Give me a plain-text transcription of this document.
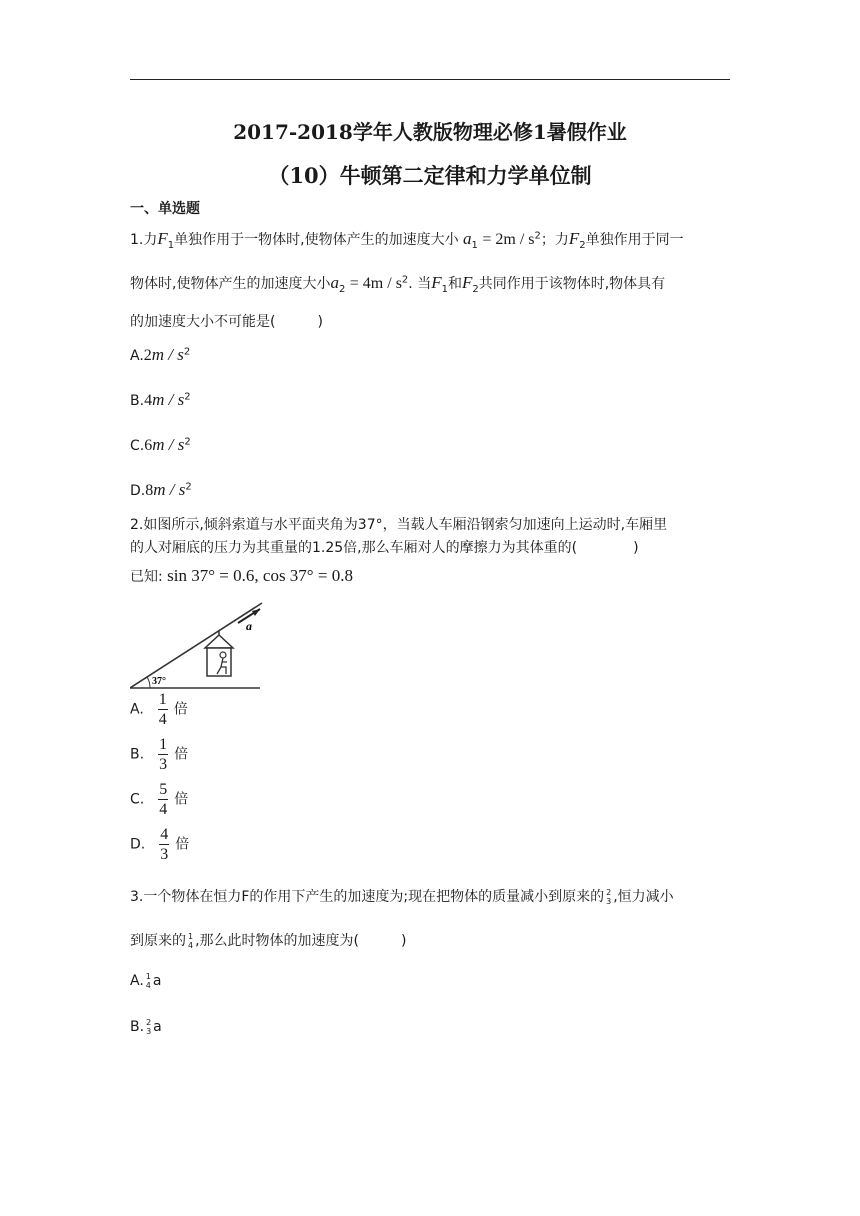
2017-2018学年人教版物理必修1暑假作业
（10）牛顿第二定律和力学单位制
一、单选题
1.力$F_1$单独作用于一物体时,使物体产生的加速度大小 $a_1 = 2m / s^2$；力$F_2$单独作用于同一
物体时,使物体产生的加速度大小$a_2 = 4m / s^2$. 当$F_1$和$F_2$共同作用于该物体时,物体具有
的加速度大小不可能是(　　　)
$A.2m / s^2$
$B.4m / s^2$
$C.6m / s^2$
$D.8m / s^2$
2.如图所示,倾斜索道与水平面夹角为37°，当载人车厢沿钢索匀加速向上运动时,车厢里
的人对厢底的压力为其重量的1.25倍,那么车厢对人的摩擦力为其体重的(　　　　)
已知: sin 37° = 0.6, cos 37° = 0.8
37°
a
A. $\frac{1}{4}$ 倍
B. $\frac{1}{3}$ 倍
C. $\frac{5}{4}$ 倍
D. $\frac{4}{3}$ 倍
3.一个物体在恒力F的作用下产生的加速度为;现在把物体的质量减小到原来的 2
3 ,恒力减小
到原来的 1
4 ,那么此时物体的加速度为(　　　)
A. 1
4 a
B. 2
3 a
